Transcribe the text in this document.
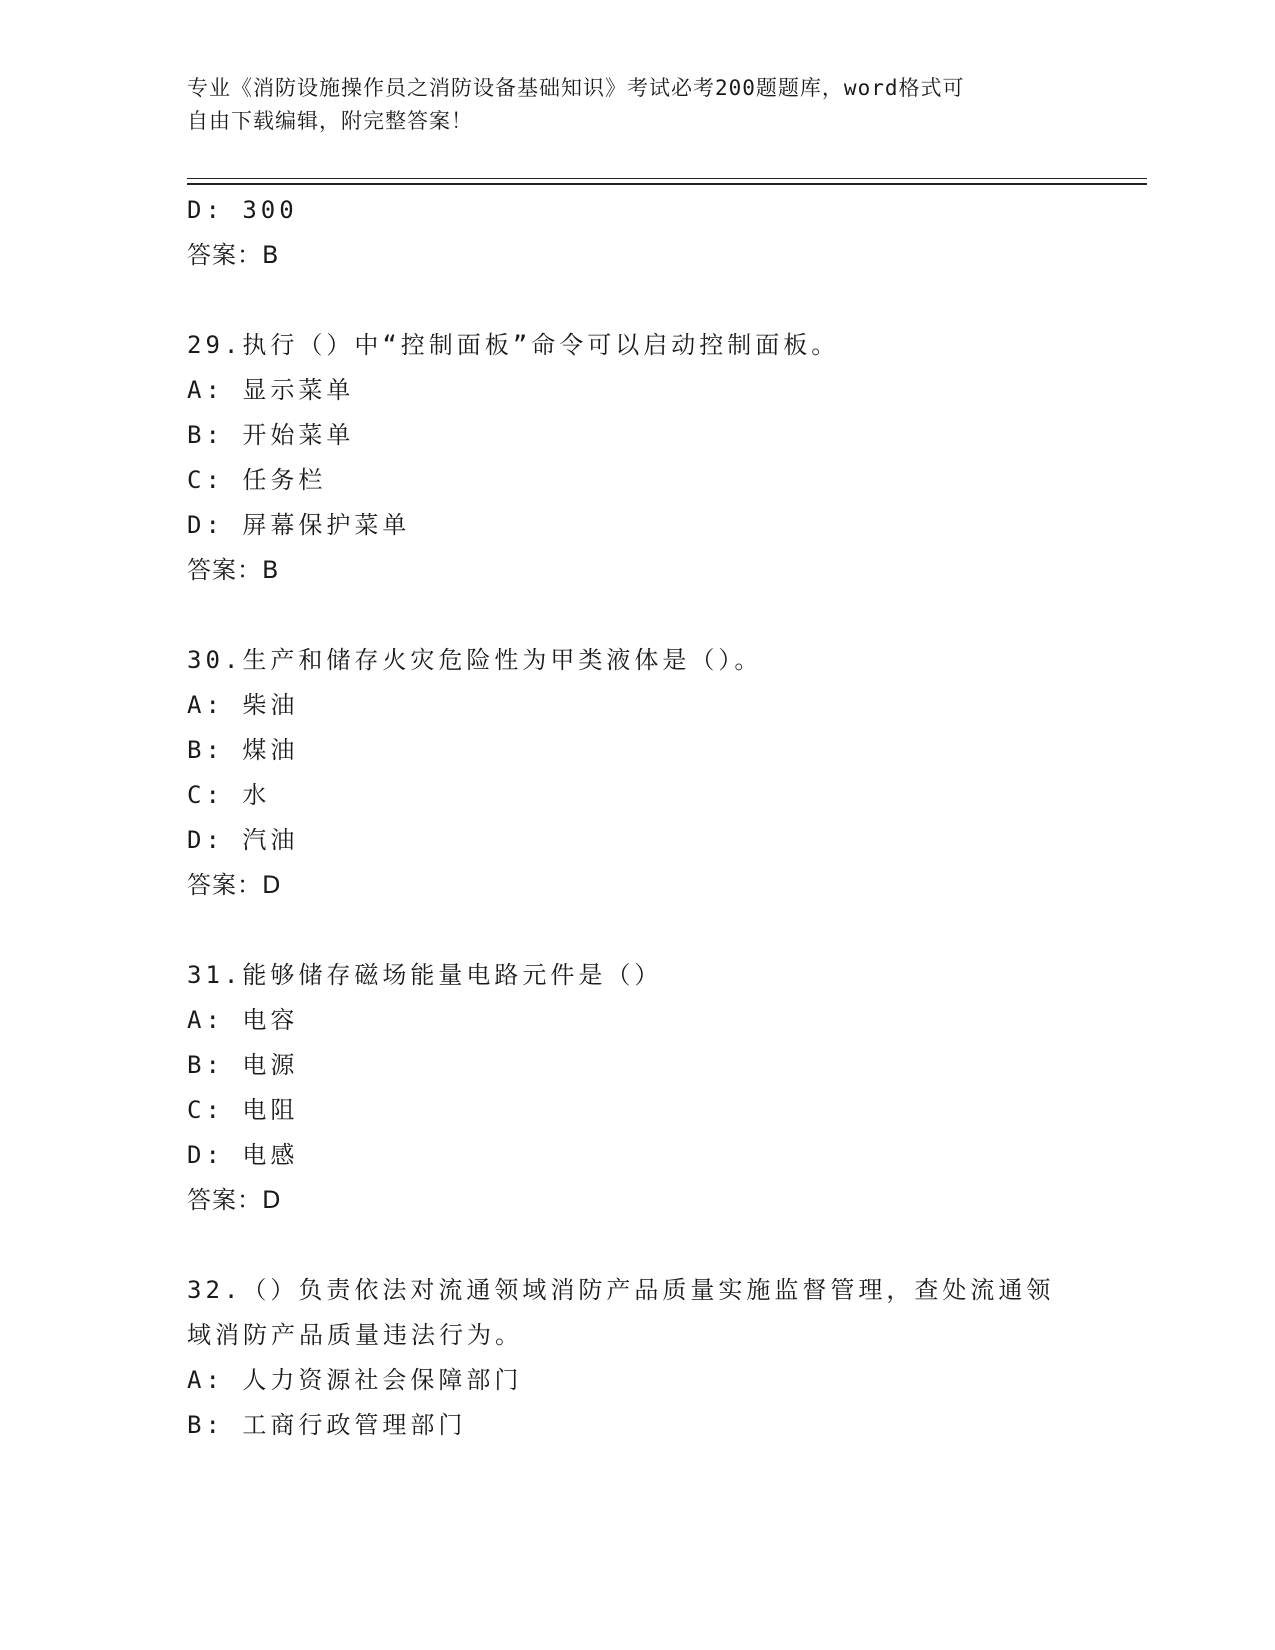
专业《消防设施操作员之消防设备基础知识》考试必考200题题库，word格式可
自由下载编辑，附完整答案！
D: 300
答案：B
29.执行（）中“控制面板”命令可以启动控制面板。
A: 显示菜单
B: 开始菜单
C: 任务栏
D: 屏幕保护菜单
答案：B
30.生产和储存火灾危险性为甲类液体是（）。
A: 柴油
B: 煤油
C: 水
D: 汽油
答案：D
31.能够储存磁场能量电路元件是（）
A: 电容
B: 电源
C: 电阻
D: 电感
答案：D
32.（）负责依法对流通领域消防产品质量实施监督管理，查处流通领
域消防产品质量违法行为。
A: 人力资源社会保障部门
B: 工商行政管理部门
